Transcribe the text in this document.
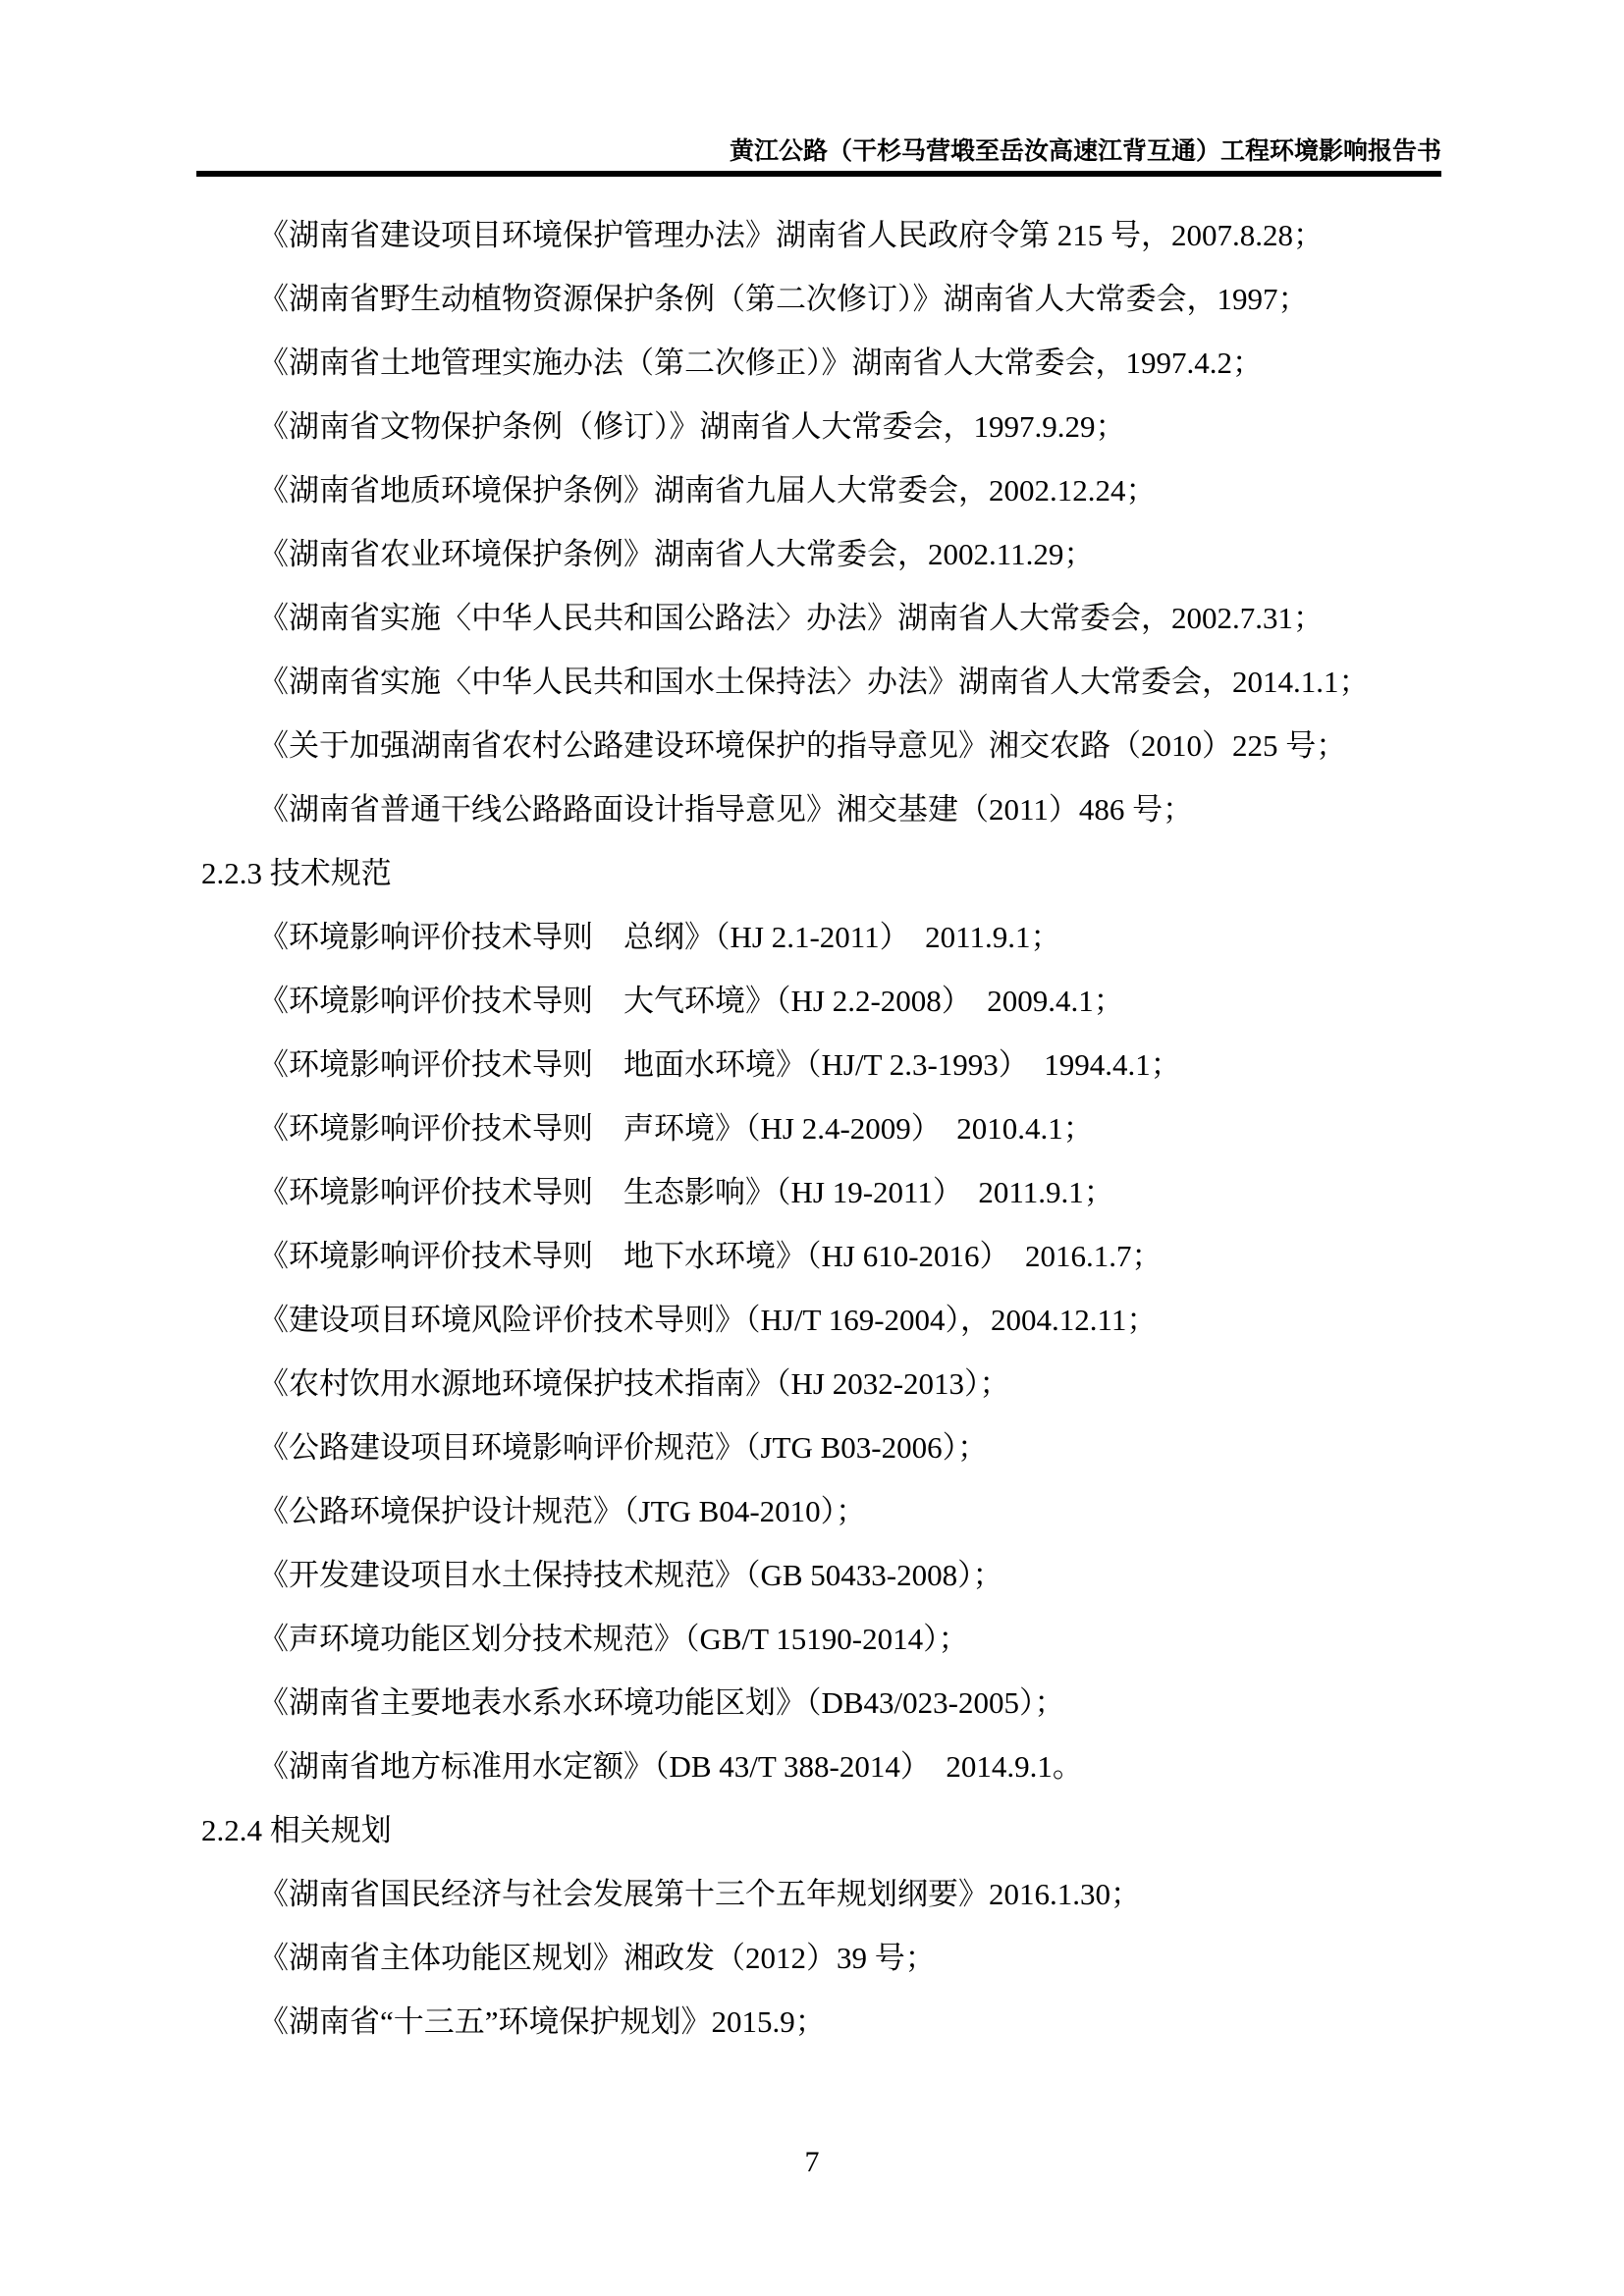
黄江公路（干杉马营塅至岳汝高速江背互通）工程环境影响报告书
《湖南省建设项目环境保护管理办法》湖南省人民政府令第 215 号，2007.8.28；
《湖南省野生动植物资源保护条例（第二次修订）》湖南省人大常委会，1997；
《湖南省土地管理实施办法（第二次修正）》湖南省人大常委会，1997.4.2；
《湖南省文物保护条例（修订）》湖南省人大常委会，1997.9.29；
《湖南省地质环境保护条例》湖南省九届人大常委会，2002.12.24；
《湖南省农业环境保护条例》湖南省人大常委会，2002.11.29；
《湖南省实施〈中华人民共和国公路法〉办法》湖南省人大常委会，2002.7.31；
《湖南省实施〈中华人民共和国水土保持法〉办法》湖南省人大常委会，2014.1.1；
《关于加强湖南省农村公路建设环境保护的指导意见》湘交农路（2010）225 号；
《湖南省普通干线公路路面设计指导意见》湘交基建（2011）486 号；
2.2.3 技术规范
《环境影响评价技术导则　总纲》（HJ 2.1-2011）　2011.9.1；
《环境影响评价技术导则　大气环境》（HJ 2.2-2008）　2009.4.1；
《环境影响评价技术导则　地面水环境》（HJ/T 2.3-1993）　1994.4.1；
《环境影响评价技术导则　声环境》（HJ 2.4-2009）　2010.4.1；
《环境影响评价技术导则　生态影响》（HJ 19-2011）　2011.9.1；
《环境影响评价技术导则　地下水环境》（HJ 610-2016）　2016.1.7；
《建设项目环境风险评价技术导则》（HJ/T 169-2004），2004.12.11；
《农村饮用水源地环境保护技术指南》（HJ 2032-2013）；
《公路建设项目环境影响评价规范》（JTG B03-2006）；
《公路环境保护设计规范》（JTG B04-2010）；
《开发建设项目水土保持技术规范》（GB 50433-2008）；
《声环境功能区划分技术规范》（GB/T 15190-2014）；
《湖南省主要地表水系水环境功能区划》（DB43/023-2005）；
《湖南省地方标准用水定额》（DB 43/T 388-2014）　2014.9.1。
2.2.4 相关规划
《湖南省国民经济与社会发展第十三个五年规划纲要》2016.1.30；
《湖南省主体功能区规划》湘政发（2012）39 号；
《湖南省“十三五”环境保护规划》2015.9；
7
